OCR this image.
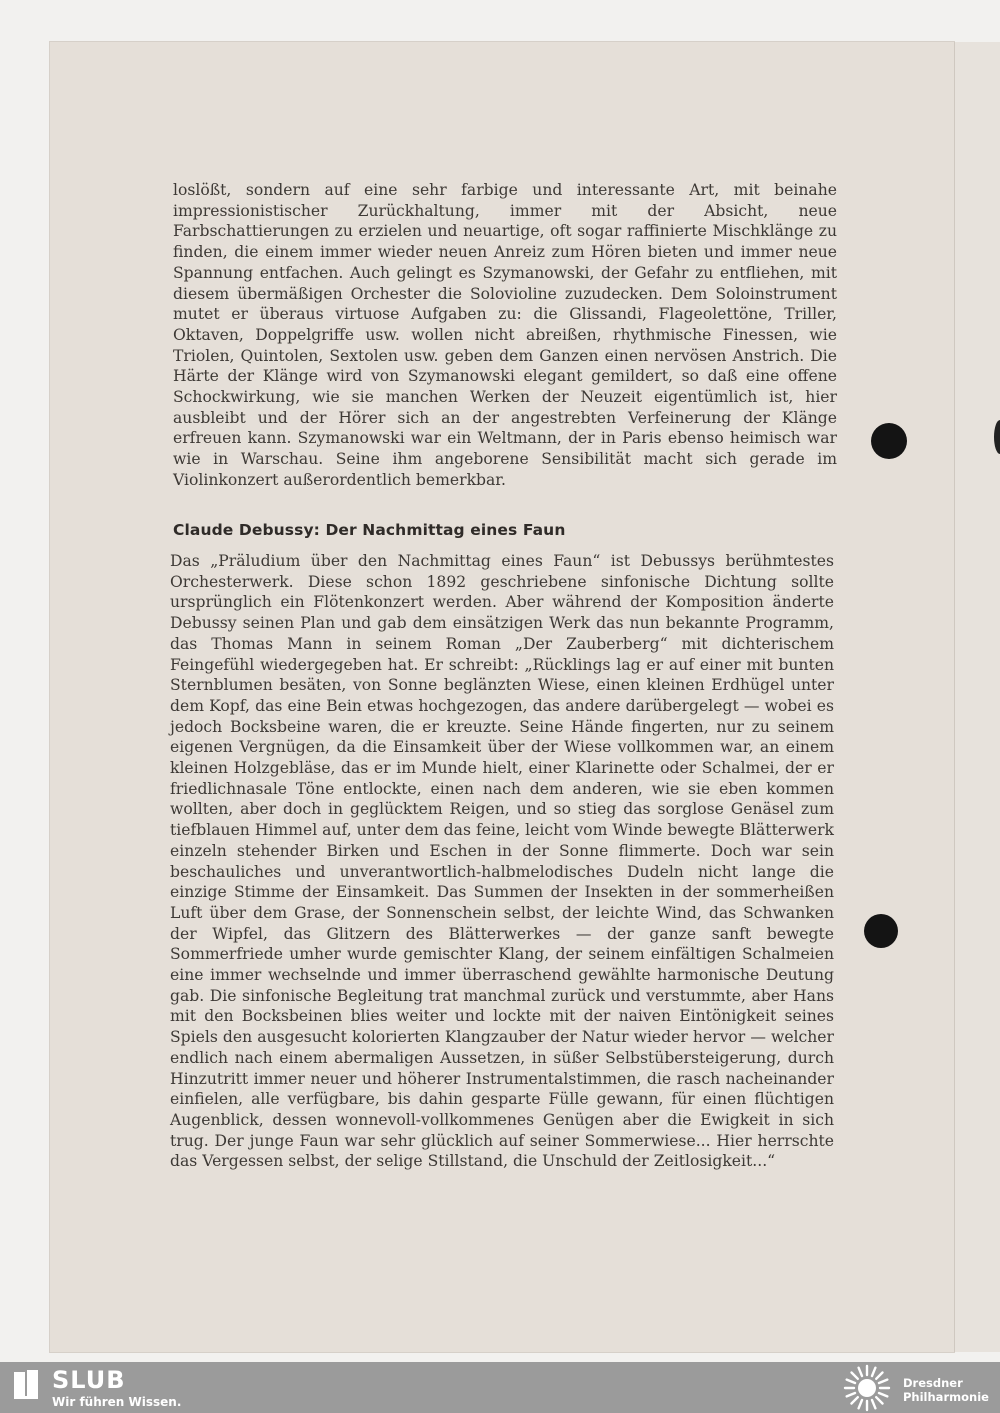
loslößt, sondern auf eine sehr farbige und interessante Art, mit beinahe impressionistischer Zurückhaltung, immer mit der Absicht, neue Farbschattierungen zu erzielen und neuartige, oft sogar raffinierte Mischklänge zu finden, die einem immer wieder neuen Anreiz zum Hören bieten und immer neue Spannung entfachen. Auch gelingt es Szymanowski, der Gefahr zu entfliehen, mit diesem übermäßigen Orchester die Solovioline zuzudecken. Dem Soloinstrument mutet er überaus virtuose Aufgaben zu: die Glissandi, Flageolettöne, Triller, Oktaven, Doppelgriffe usw. wollen nicht abreißen, rhythmische Finessen, wie Triolen, Quintolen, Sextolen usw. geben dem Ganzen einen nervösen Anstrich. Die Härte der Klänge wird von Szymanowski elegant gemildert, so daß eine offene Schockwirkung, wie sie manchen Werken der Neuzeit eigentümlich ist, hier ausbleibt und der Hörer sich an der angestrebten Verfeinerung der Klänge erfreuen kann. Szymanowski war ein Weltmann, der in Paris ebenso heimisch war wie in Warschau. Seine ihm angeborene Sensibilität macht sich gerade im Violinkonzert außerordentlich bemerkbar.
Claude Debussy: Der Nachmittag eines Faun
Das „Präludium über den Nachmittag eines Faun“ ist Debussys berühmtestes Orchesterwerk. Diese schon 1892 geschriebene sinfonische Dichtung sollte ursprünglich ein Flötenkonzert werden. Aber während der Komposition änderte Debussy seinen Plan und gab dem einsätzigen Werk das nun bekannte Programm, das Thomas Mann in seinem Roman „Der Zauberberg“ mit dichterischem Feingefühl wiedergegeben hat. Er schreibt: „Rücklings lag er auf einer mit bunten Sternblumen besäten, von Sonne beglänzten Wiese, einen kleinen Erdhügel unter dem Kopf, das eine Bein etwas hochgezogen, das andere darübergelegt — wobei es jedoch Bocksbeine waren, die er kreuzte. Seine Hände fingerten, nur zu seinem eigenen Vergnügen, da die Einsamkeit über der Wiese vollkommen war, an einem kleinen Holzgebläse, das er im Munde hielt, einer Klarinette oder Schalmei, der er friedlichnasale Töne entlockte, einen nach dem anderen, wie sie eben kommen wollten, aber doch in geglücktem Reigen, und so stieg das sorglose Genäsel zum tiefblauen Himmel auf, unter dem das feine, leicht vom Winde bewegte Blätterwerk einzeln stehender Birken und Eschen in der Sonne flimmerte. Doch war sein beschauliches und unverantwortlich-halbmelodisches Dudeln nicht lange die einzige Stimme der Einsamkeit. Das Summen der Insekten in der sommerheißen Luft über dem Grase, der Sonnenschein selbst, der leichte Wind, das Schwanken der Wipfel, das Glitzern des Blätterwerkes — der ganze sanft bewegte Sommerfriede umher wurde gemischter Klang, der seinem einfältigen Schalmeien eine immer wechselnde und immer überraschend gewählte harmonische Deutung gab. Die sinfonische Begleitung trat manchmal zurück und verstummte, aber Hans mit den Bocksbeinen blies weiter und lockte mit der naiven Eintönigkeit seines Spiels den ausgesucht kolorierten Klangzauber der Natur wieder hervor — welcher endlich nach einem abermaligen Aussetzen, in süßer Selbstübersteigerung, durch Hinzutritt immer neuer und höherer Instrumentalstimmen, die rasch nacheinander einfielen, alle verfügbare, bis dahin gesparte Fülle gewann, für einen flüchtigen Augenblick, dessen wonnevoll-vollkommenes Genügen aber die Ewigkeit in sich trug. Der junge Faun war sehr glücklich auf seiner Sommerwiese... Hier herrschte das Vergessen selbst, der selige Stillstand, die Unschuld der Zeitlosigkeit...“
SLUB
Wir führen Wissen.
Dresdner
Philharmonie
